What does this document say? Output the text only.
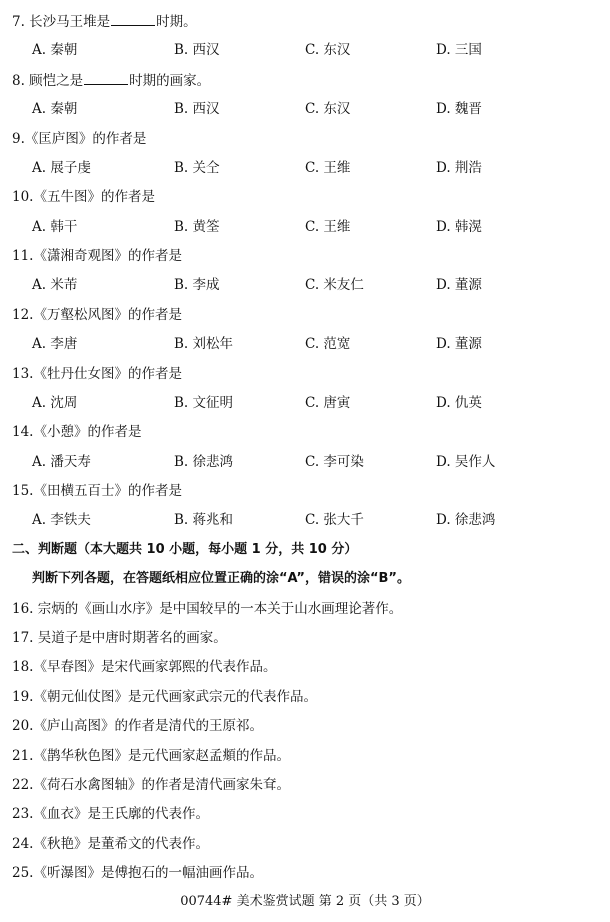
7. 长沙马王堆是	时期。
A. 秦朝	B. 西汉	C. 东汉	D. 三国
8. 顾恺之是	时期的画家。
A. 秦朝	B. 西汉	C. 东汉	D. 魏晋
9.《匡庐图》的作者是
A. 展子虔	B. 关仝	C. 王维	D. 荆浩
10.《五牛图》的作者是
A. 韩干	B. 黄筌	C. 王维	D. 韩滉
11.《潇湘奇观图》的作者是
A. 米芾	B. 李成	C. 米友仁	D. 董源
12.《万壑松风图》的作者是
A. 李唐	B. 刘松年	C. 范宽	D. 董源
13.《牡丹仕女图》的作者是
A. 沈周	B. 文征明	C. 唐寅	D. 仇英
14.《小憩》的作者是
A. 潘天寿	B. 徐悲鸿	C. 李可染	D. 吴作人
15.《田横五百士》的作者是
A. 李铁夫	B. 蒋兆和	C. 张大千	D. 徐悲鸿
二、判断题（本大题共 10 小题，每小题 1 分，共 10 分）
判断下列各题，在答题纸相应位置正确的涂“A”，错误的涂“B”。
16. 宗炳的《画山水序》是中国较早的一本关于山水画理论著作。
17. 吴道子是中唐时期著名的画家。
18.《早春图》是宋代画家郭熙的代表作品。
19.《朝元仙仗图》是元代画家武宗元的代表作品。
20.《庐山高图》的作者是清代的王原祁。
21.《鹊华秋色图》是元代画家赵孟頫的作品。
22.《荷石水禽图轴》的作者是清代画家朱耷。
23.《血衣》是王氏廓的代表作。
24.《秋艳》是董希文的代表作。
25.《听瀑图》是傅抱石的一幅油画作品。
00744# 美术鉴赏试题 第 2 页（共 3 页）
